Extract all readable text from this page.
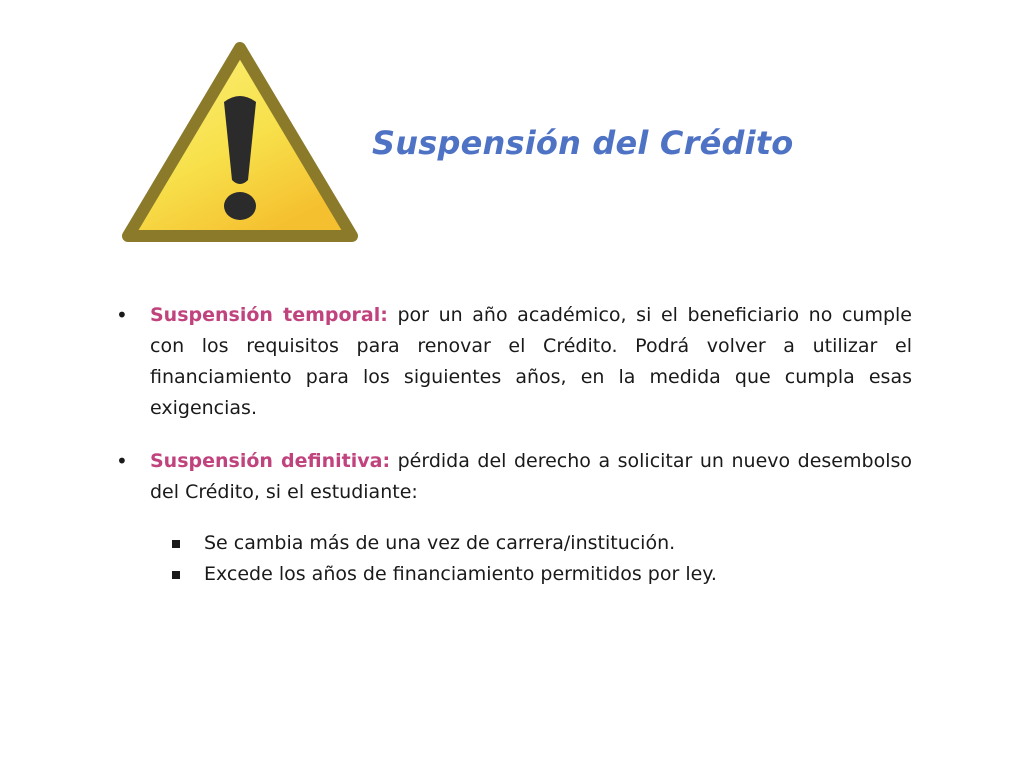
Suspensión del Crédito
• Suspensión temporal: por un año académico, si el beneficiario no cumple con los requisitos para renovar el Crédito. Podrá volver a utilizar el financiamiento para los siguientes años, en la medida que cumpla esas exigencias.
• Suspensión definitiva: pérdida del derecho a solicitar un nuevo desembolso del Crédito, si el estudiante:
Se cambia más de una vez de carrera/institución.
Excede los años de financiamiento permitidos por ley.
